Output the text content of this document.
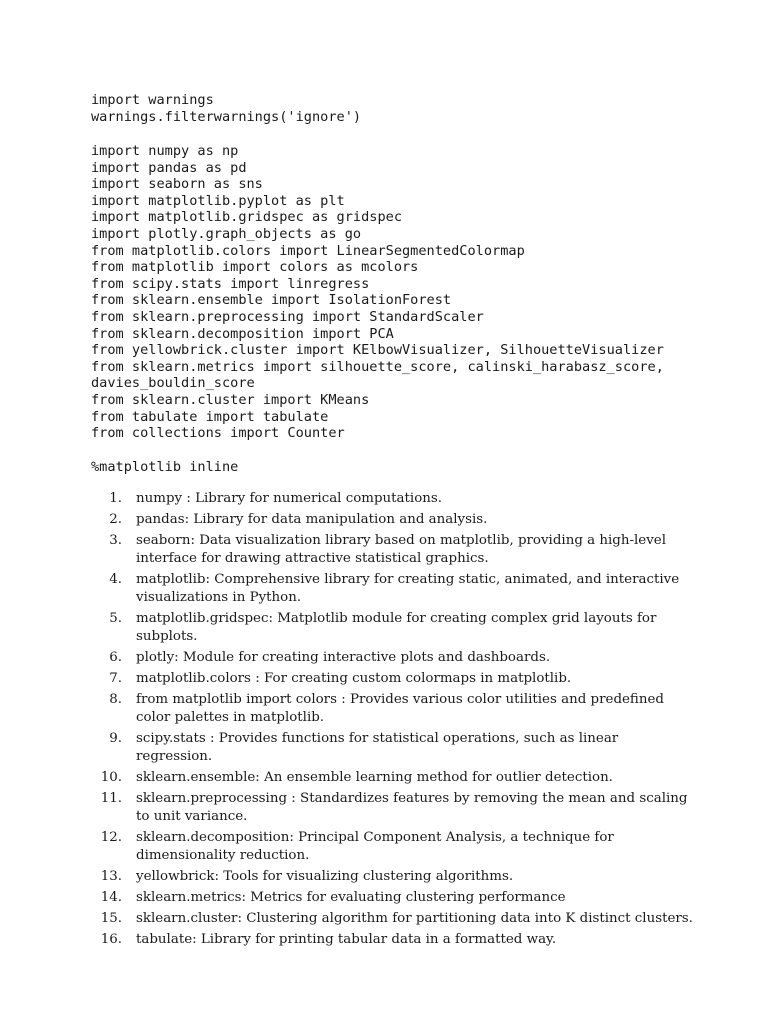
import warnings
warnings.filterwarnings('ignore')
import numpy as np
import pandas as pd
import seaborn as sns
import matplotlib.pyplot as plt
import matplotlib.gridspec as gridspec
import plotly.graph_objects as go
from matplotlib.colors import LinearSegmentedColormap
from matplotlib import colors as mcolors
from scipy.stats import linregress
from sklearn.ensemble import IsolationForest
from sklearn.preprocessing import StandardScaler
from sklearn.decomposition import PCA
from yellowbrick.cluster import KElbowVisualizer, SilhouetteVisualizer
from sklearn.metrics import silhouette_score, calinski_harabasz_score,
davies_bouldin_score
from sklearn.cluster import KMeans
from tabulate import tabulate
from collections import Counter
%matplotlib inline
1. numpy : Library for numerical computations.
2. pandas: Library for data manipulation and analysis.
3. seaborn: Data visualization library based on matplotlib, providing a high-level interface for drawing attractive statistical graphics.
4. matplotlib: Comprehensive library for creating static, animated, and interactive visualizations in Python.
5. matplotlib.gridspec: Matplotlib module for creating complex grid layouts for subplots.
6. plotly: Module for creating interactive plots and dashboards.
7. matplotlib.colors : For creating custom colormaps in matplotlib.
8. from matplotlib import colors : Provides various color utilities and predefined color palettes in matplotlib.
9. scipy.stats : Provides functions for statistical operations, such as linear regression.
10. sklearn.ensemble: An ensemble learning method for outlier detection.
11. sklearn.preprocessing : Standardizes features by removing the mean and scaling to unit variance.
12. sklearn.decomposition: Principal Component Analysis, a technique for dimensionality reduction.
13. yellowbrick: Tools for visualizing clustering algorithms.
14. sklearn.metrics: Metrics for evaluating clustering performance
15. sklearn.cluster: Clustering algorithm for partitioning data into K distinct clusters.
16. tabulate: Library for printing tabular data in a formatted way.
